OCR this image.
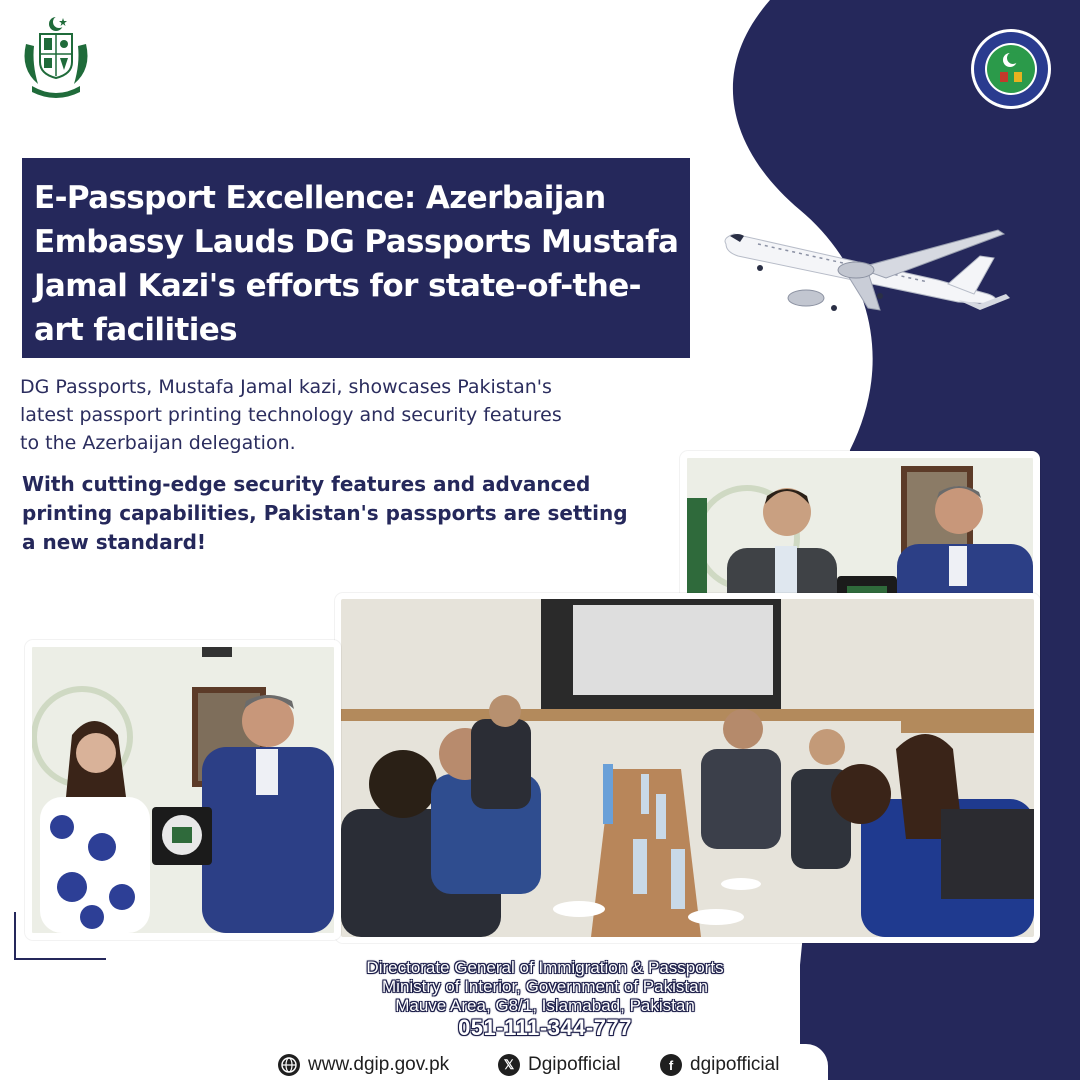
E-Passport Excellence: Azerbaijan Embassy Lauds DG Passports Mustafa Jamal Kazi's efforts for state-of-the-art facilities

DG Passports, Mustafa Jamal kazi, showcases Pakistan's
latest passport printing technology and security features
to the Azerbaijan delegation.

With cutting-edge security features and advanced
printing capabilities, Pakistan's passports are setting
a new standard!

Directorate General of Immigration & Passports
Ministry of Interior, Government of Pakistan
Mauve Area, G8/1, Islamabad, Pakistan
051-111-344-777
www.dgip.gov.pk	𝕏 Dgipofficial	f dgipofficial
